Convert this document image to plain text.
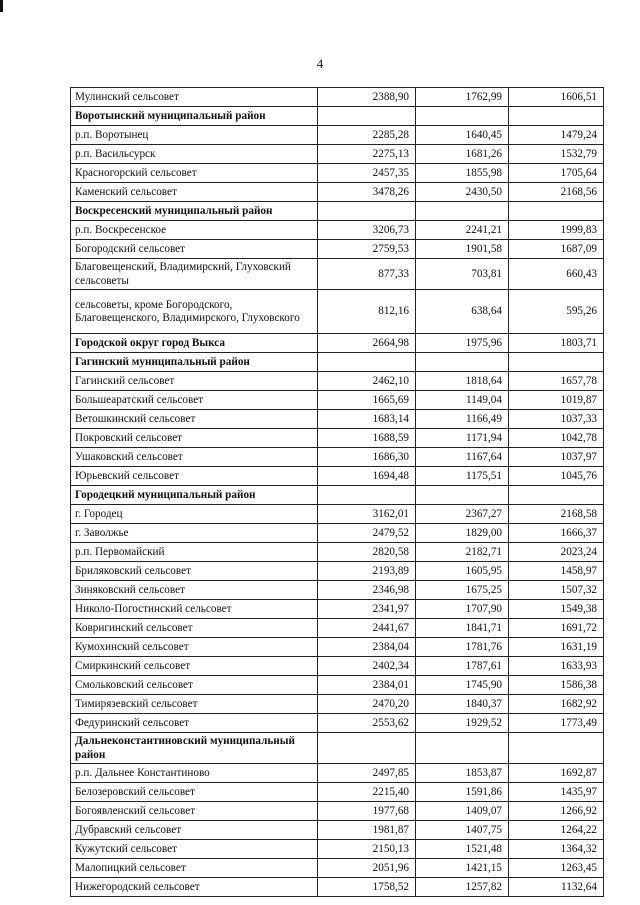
4
Мулинский сельсовет	2388,90	1762,99	1606,51
Воротынский муниципальный район			
р.п. Воротынец	2285,28	1640,45	1479,24
р.п. Васильсурск	2275,13	1681,26	1532,79
Красногорский сельсовет	2457,35	1855,98	1705,64
Каменский сельсовет	3478,26	2430,50	2168,56
Воскресенский муниципальный район			
р.п. Воскресенское	3206,73	2241,21	1999,83
Богородский сельсовет	2759,53	1901,58	1687,09
Благовещенский, Владимирский, Глуховский сельсоветы	877,33	703,81	660,43
сельсоветы, кроме Богородского, Благовещенского, Владимирского, Глуховского	812,16	638,64	595,26
Городской округ город Выкса	2664,98	1975,96	1803,71
Гагинский муниципальный район			
Гагинский сельсовет	2462,10	1818,64	1657,78
Большеаратский сельсовет	1665,69	1149,04	1019,87
Ветошкинский сельсовет	1683,14	1166,49	1037,33
Покровский сельсовет	1688,59	1171,94	1042,78
Ушаковский сельсовет	1686,30	1167,64	1037,97
Юрьевский сельсовет	1694,48	1175,51	1045,76
Городецкий муниципальный район			
г. Городец	3162,01	2367,27	2168,58
г. Заволжье	2479,52	1829,00	1666,37
р.п. Первомайский	2820,58	2182,71	2023,24
Бриляковский сельсовет	2193,89	1605,95	1458,97
Зиняковский сельсовет	2346,98	1675,25	1507,32
Николо-Погостинский сельсовет	2341,97	1707,90	1549,38
Ковригинский сельсовет	2441,67	1841,71	1691,72
Кумохинский сельсовет	2384,04	1781,76	1631,19
Смиркинский сельсовет	2402,34	1787,61	1633,93
Смольковский сельсовет	2384,01	1745,90	1586,38
Тимирязевский сельсовет	2470,20	1840,37	1682,92
Федуринский сельсовет	2553,62	1929,52	1773,49
Дальнеконстантиновский муниципальный район			
р.п. Дальнее Константиново	2497,85	1853,87	1692,87
Белозеровский сельсовет	2215,40	1591,86	1435,97
Богоявленский сельсовет	1977,68	1409,07	1266,92
Дубравский сельсовет	1981,87	1407,75	1264,22
Кужутский сельсовет	2150,13	1521,48	1364,32
Малопицкий сельсовет	2051,96	1421,15	1263,45
Нижегородский сельсовет	1758,52	1257,82	1132,64
